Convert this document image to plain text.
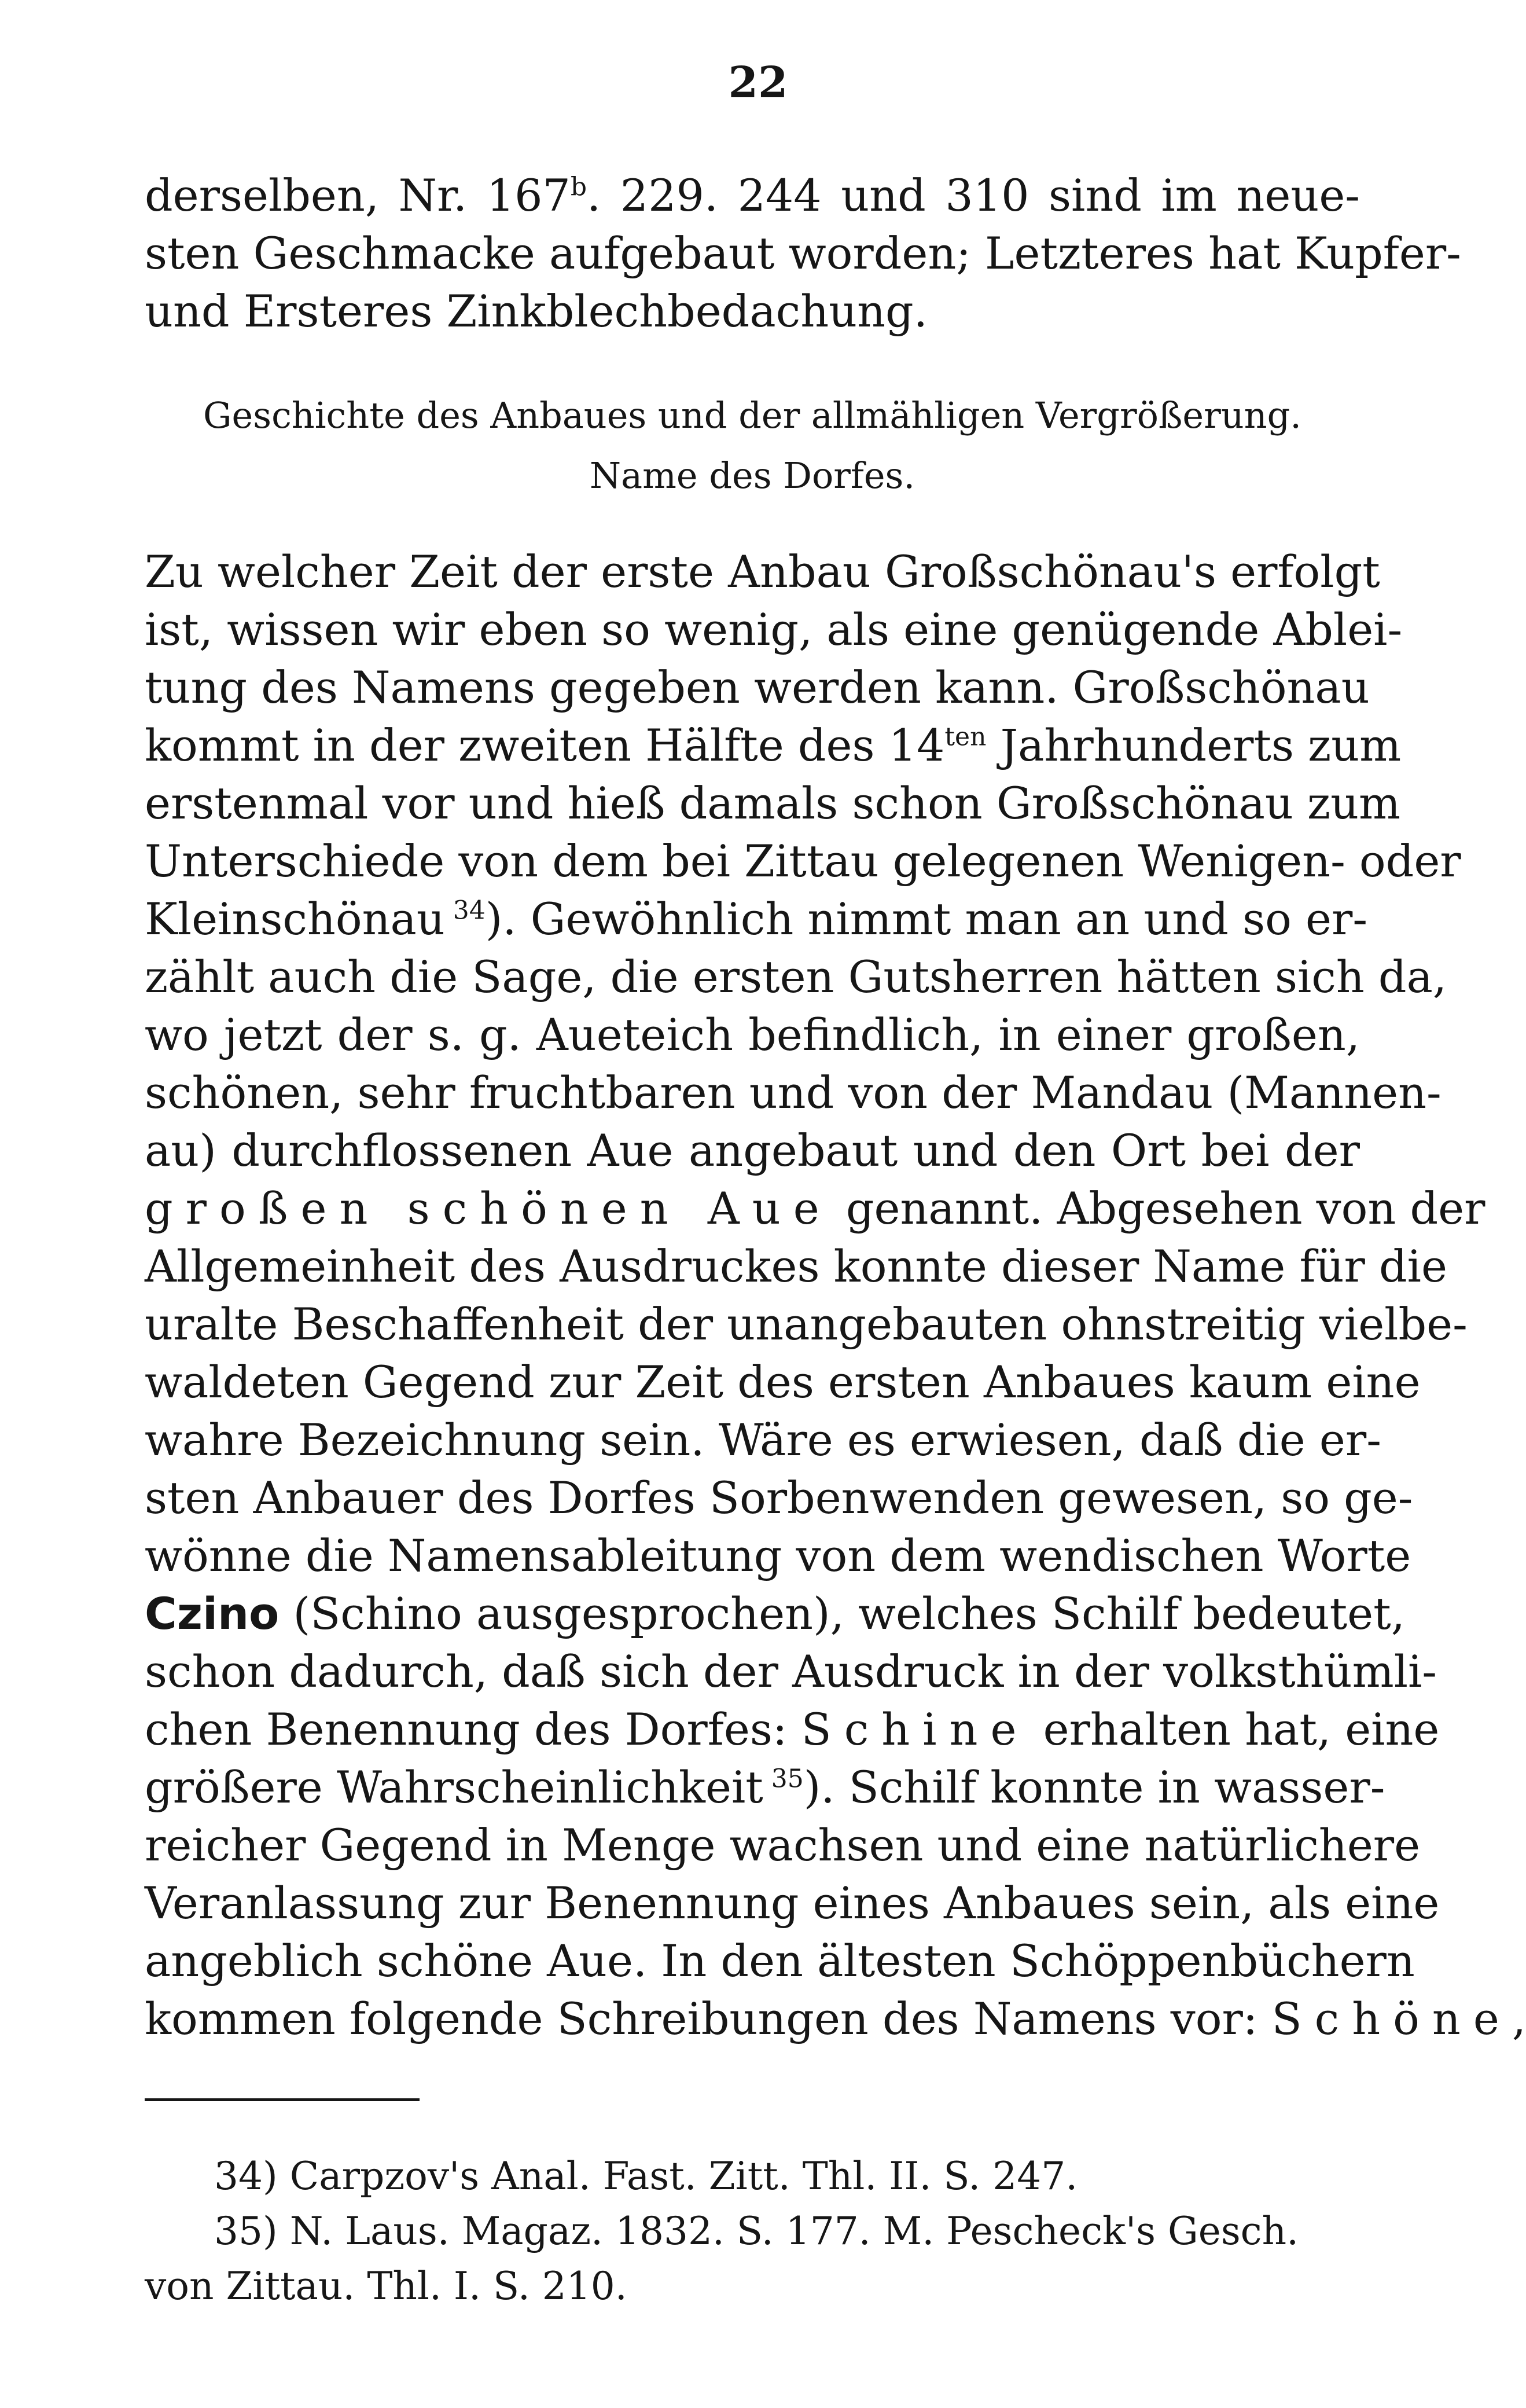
22
derselben, Nr. 167$^b$. 229. 244 und 310 sind im neue-
sten Geschmacke aufgebaut worden; Letzteres hat Kupfer-
und Ersteres Zinkblechbedachung.
Geschichte des Anbaues und der allmähligen Vergrößerung.
Name des Dorfes.
Zu welcher Zeit der erste Anbau Großschönau's erfolgt
ist, wissen wir eben so wenig, als eine genügende Ablei-
tung des Namens gegeben werden kann. Großschönau
kommt in der zweiten Hälfte des $14^{ten}$ Jahrhunderts zum
erstenmal vor und hieß damals schon Großschönau zum
Unterschiede von dem bei Zittau gelegenen Wenigen- oder
Kleinschönau $^{34}$). Gewöhnlich nimmt man an und so er-
zählt auch die Sage, die ersten Gutsherren hätten sich da,
wo jetzt der s. g. Aueteich befindlich, in einer großen,
schönen, sehr fruchtbaren und von der Mandau (Mannen-
au) durchflossenen Aue angebaut und den Ort bei der
großen schönen Aue genannt. Abgesehen von der
Allgemeinheit des Ausdruckes konnte dieser Name für die
uralte Beschaffenheit der unangebauten ohnstreitig vielbe-
waldeten Gegend zur Zeit des ersten Anbaues kaum eine
wahre Bezeichnung sein. Wäre es erwiesen, daß die er-
sten Anbauer des Dorfes Sorbenwenden gewesen, so ge-
wönne die Namensableitung von dem wendischen Worte
Czino (Schino ausgesprochen), welches Schilf bedeutet,
schon dadurch, daß sich der Ausdruck in der volksthümli-
chen Benennung des Dorfes: Schine erhalten hat, eine
größere Wahrscheinlichkeit $^{35}$). Schilf konnte in wasser-
reicher Gegend in Menge wachsen und eine natürlichere
Veranlassung zur Benennung eines Anbaues sein, als eine
angeblich schöne Aue. In den ältesten Schöppenbüchern
kommen folgende Schreibungen des Namens vor: Schöne,
34) Carpzov's Anal. Fast. Zitt. Thl. II. S. 247.
35) N. Laus. Magaz. 1832. S. 177. M. Pescheck's Gesch.
von Zittau. Thl. I. S. 210.
